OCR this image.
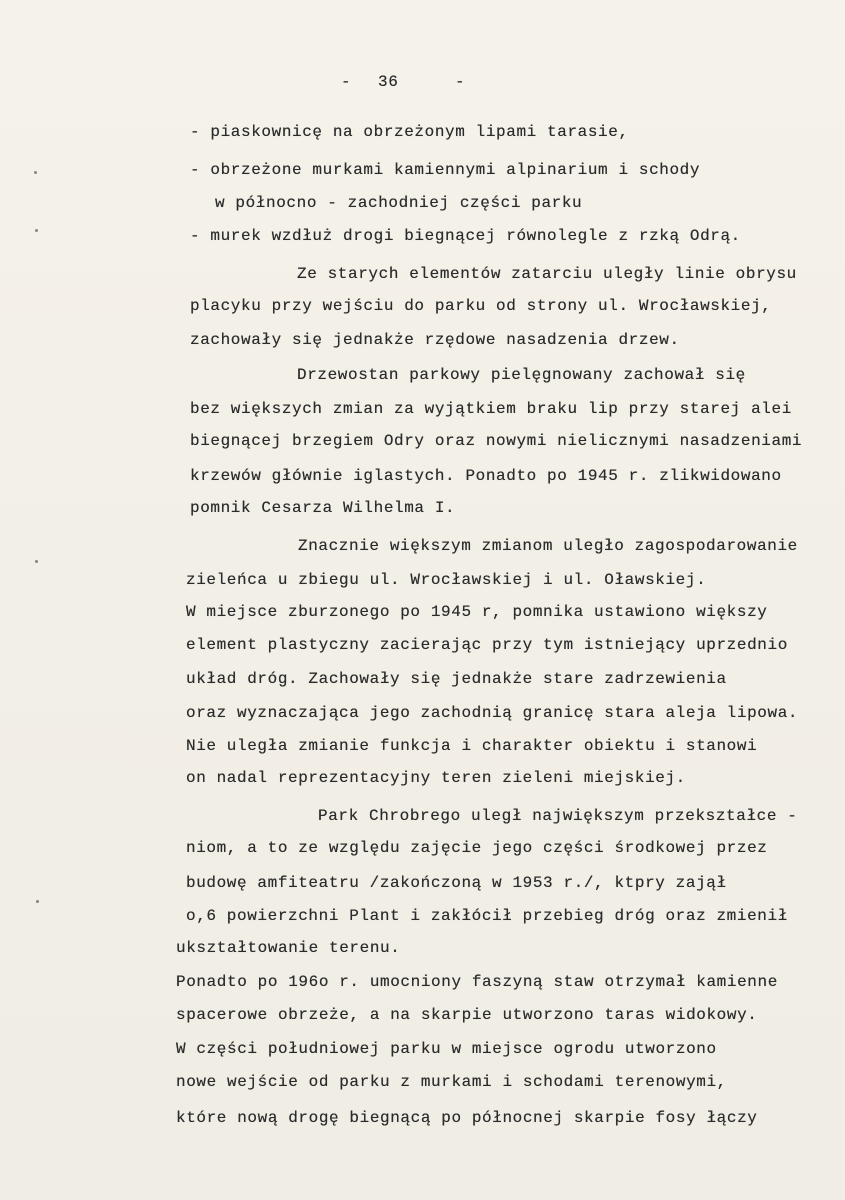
- 36	-
- piaskownicę na obrzeżonym lipami tarasie,
- obrzeżone murkami kamiennymi alpinarium i schody
w północno - zachodniej części parku
- murek wzdłuż drogi biegnącej równolegle z rzką Odrą.
Ze starych elementów zatarciu uległy linie obrysu
placyku przy wejściu do parku od strony ul. Wrocławskiej,
zachowały się jednakże rzędowe nasadzenia drzew.
Drzewostan parkowy pielęgnowany zachował się
bez większych zmian za wyjątkiem braku lip przy starej alei
biegnącej brzegiem Odry oraz nowymi nielicznymi nasadzeniami
krzewów głównie iglastych. Ponadto po 1945 r. zlikwidowano
pomnik Cesarza Wilhelma I.
Znacznie większym zmianom uległo zagospodarowanie
zieleńca u zbiegu ul. Wrocławskiej i ul. Oławskiej.
W miejsce zburzonego po 1945 r, pomnika ustawiono większy
element plastyczny zacierając przy tym istniejący uprzednio
układ dróg. Zachowały się jednakże stare zadrzewienia
oraz wyznaczająca jego zachodnią granicę stara aleja lipowa.
Nie uległa zmianie funkcja i charakter obiektu i stanowi
on nadal reprezentacyjny teren zieleni miejskiej.
Park Chrobrego uległ największym przekształce -
niom, a to ze względu zajęcie jego części środkowej przez
budowę amfiteatru /zakończoną w 1953 r./, ktpry zajął
o,6 powierzchni Plant i zakłócił przebieg dróg oraz zmienił
ukształtowanie terenu.
Ponadto po 196o r. umocniony faszyną staw otrzymał kamienne
spacerowe obrzeże, a na skarpie utworzono taras widokowy.
W części południowej parku w miejsce ogrodu utworzono
nowe wejście od parku z murkami i schodami terenowymi,
które nową drogę biegnącą po północnej skarpie fosy łączy
